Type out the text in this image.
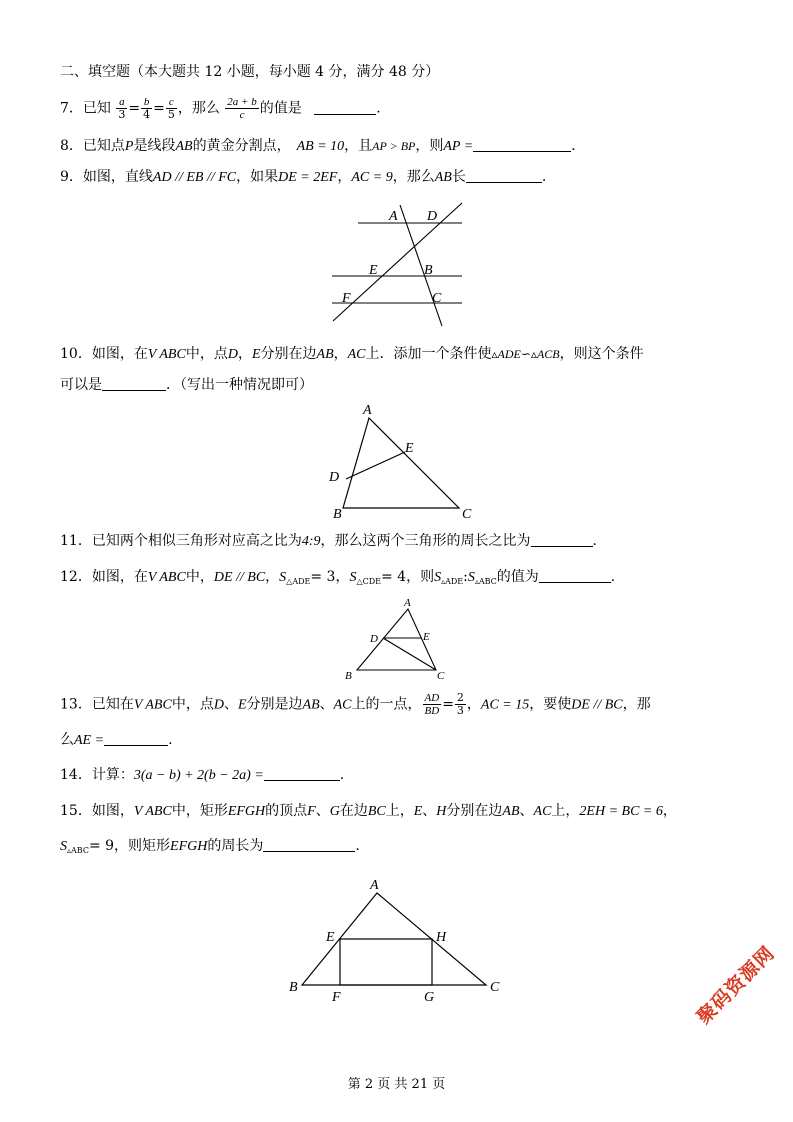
二、填空题（本大题共 12 小题，每小题 4 分，满分 48 分）
7．已知 $\frac{a}{3} = \frac{b}{4} = \frac{c}{5}$ ，那么 $\frac{2a + b}{c}$ 的值是	.
8．已知点P是线段AB的黄金分割点， AB = 10，且AP > BP，则AP =	.
9．如图，直线AD // EB // FC，如果DE = 2EF，AC = 9，那么AB长	.
A D
E	B
F	C
10．如图，在V ABC中，点D，E分别在边AB，AC上．添加一个条件使▵ADE∽▵ACB，则这个条件
可以是	．（写出一种情况即可）
A
E
D
B	C
11．已知两个相似三角形对应高之比为4:9，那么这两个三角形的周长之比为	.
12．如图，在V ABC中，DE // BC，$S_{\triangle ADE}= 3$，$S_{\triangle CDE}= 4$，则$S_{▵ADE}:S_{▵ABC}$的值为	.
A
D	E
B	C
13．已知在V ABC中，点D、E分别是边AB、AC上的一点， $\frac{AD}{BD} = \frac{2}{3}$ ，AC = 15，要使DE // BC，那
么AE =	.
14．计算：3(a − b) + 2(b − 2a) =	.
15．如图，V ABC中，矩形EFGH的顶点F、G在边BC上，E、H分别在边AB、AC上，2EH = BC = 6，
$S_{▵ABC}= 9$，则矩形EFGH的周长为	.
A
E	H
B
F	G
C
第 2 页 共 21 页
聚码资源网
